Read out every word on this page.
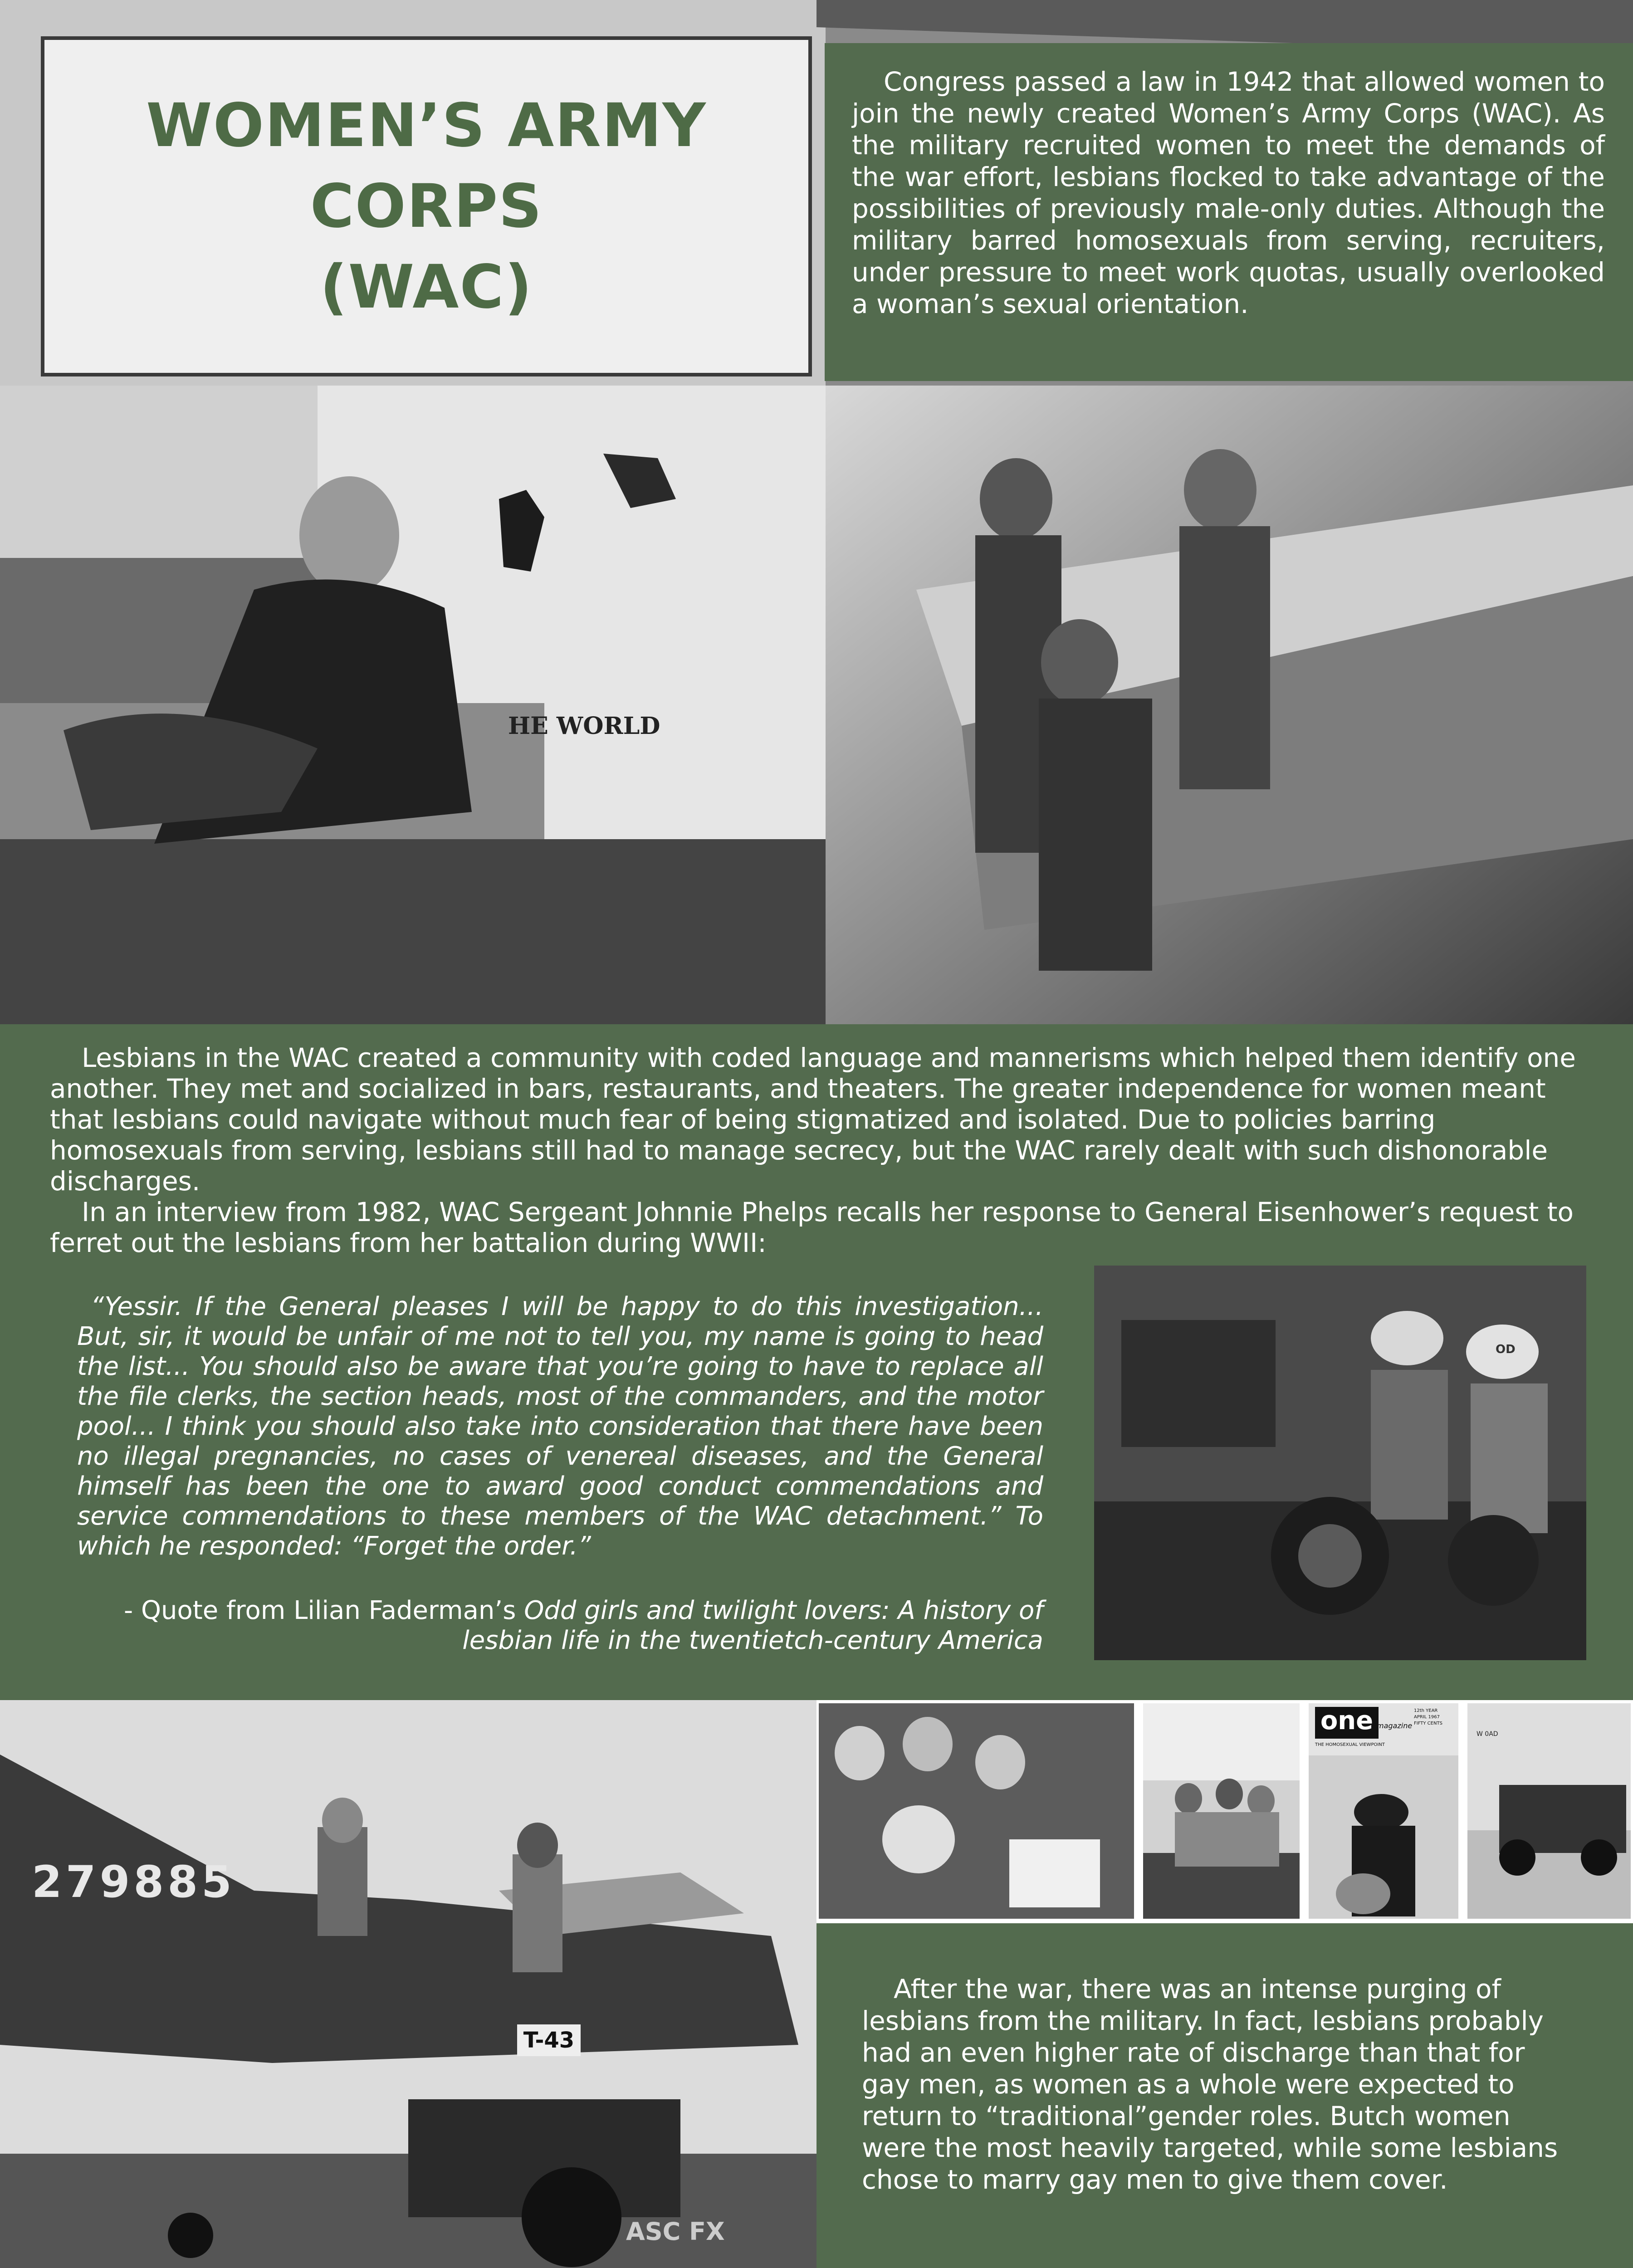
WOMEN’S ARMY
CORPS
(WAC)
Congress passed a law in 1942 that allowed women to join the newly created Women’s Army Corps (WAC). As the military recruited women to meet the demands of the war effort, lesbians flocked to take advantage of the possibilities of previously male-only duties. Although the military barred homosexuals from serving, recruiters, under pressure to meet work quotas, usually overlooked a woman’s sexual orientation.
HE WORLD

Lesbians in the WAC created a community with coded language and mannerisms which helped them identify one another. They met and socialized in bars, restaurants, and theaters. The greater independence for women meant that lesbians could navigate without much fear of being stigmatized and isolated. Due to policies barring homosexuals from serving, lesbians still had to manage secrecy, but the WAC rarely dealt with such dishonorable discharges.

In an interview from 1982, WAC Sergeant Johnnie Phelps recalls her response to General Eisenhower’s request to ferret out the lesbians from her battalion during WWII:

“Yessir. If the General pleases I will be happy to do this investigation... But, sir, it would be unfair of me not to tell you, my name is going to head the list... You should also be aware that you’re going to have to replace all the file clerks, the section heads, most of the commanders, and the motor pool... I think you should also take into consideration that there have been no illegal pregnancies, no cases of venereal diseases, and the General himself has been the one to award good conduct commendations and service commendations to these members of the WAC detachment.” To which he responded: “Forget the order.”
- Quote from Lilian Faderman’s Odd girls and twilight lovers: A history of lesbian life in the twentietch-century America
OD
279885
T-43
ASC FX
one magazine
THE HOMOSEXUAL VIEWPOINT
12th YEAR APRIL 1967 FIFTY CENTS
W 0AD
After the war, there was an intense purging of lesbians from the military. In fact, lesbians probably had an even higher rate of discharge than that for gay men, as women as a whole were expected to return to “traditional”gender roles. Butch women were the most heavily targeted, while some lesbians chose to marry gay men to give them cover.
